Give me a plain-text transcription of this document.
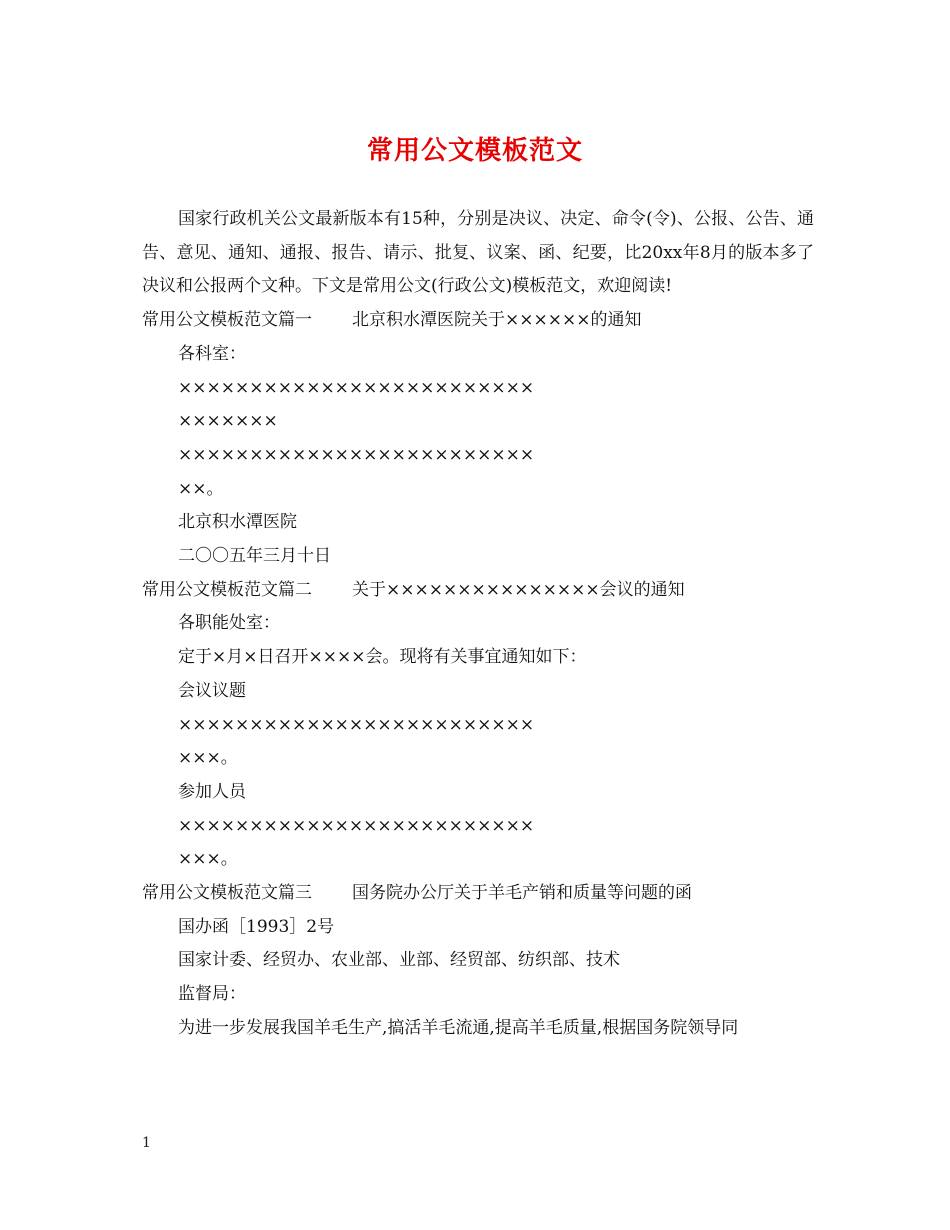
常用公文模板范文

国家行政机关公文最新版本有15种，分别是决议、决定、命令(令)、公报、公告、通告、意见、通知、通报、报告、请示、批复、议案、函、纪要，比20xx年8月的版本多了决议和公报两个文种。下文是常用公文(行政公文)模板范文，欢迎阅读!

常用公文模板范文篇一 北京积水潭医院关于××××××的通知

各科室：

×××××××××××××××××××××××××

×××××××

×××××××××××××××××××××××××

××。

北京积水潭医院

二〇〇五年三月十日

常用公文模板范文篇二 关于×××××××××××××××会议的通知

各职能处室：

定于×月×日召开××××会。现将有关事宜通知如下：

会议议题

×××××××××××××××××××××××××

×××。

参加人员

×××××××××××××××××××××××××

×××。

常用公文模板范文篇三 国务院办公厅关于羊毛产销和质量等问题的函

国办函［1993］2号

国家计委、经贸办、农业部、业部、经贸部、纺织部、技术

监督局：

为进一步发展我国羊毛生产,搞活羊毛流通,提高羊毛质量,根据国务院领导同

1
